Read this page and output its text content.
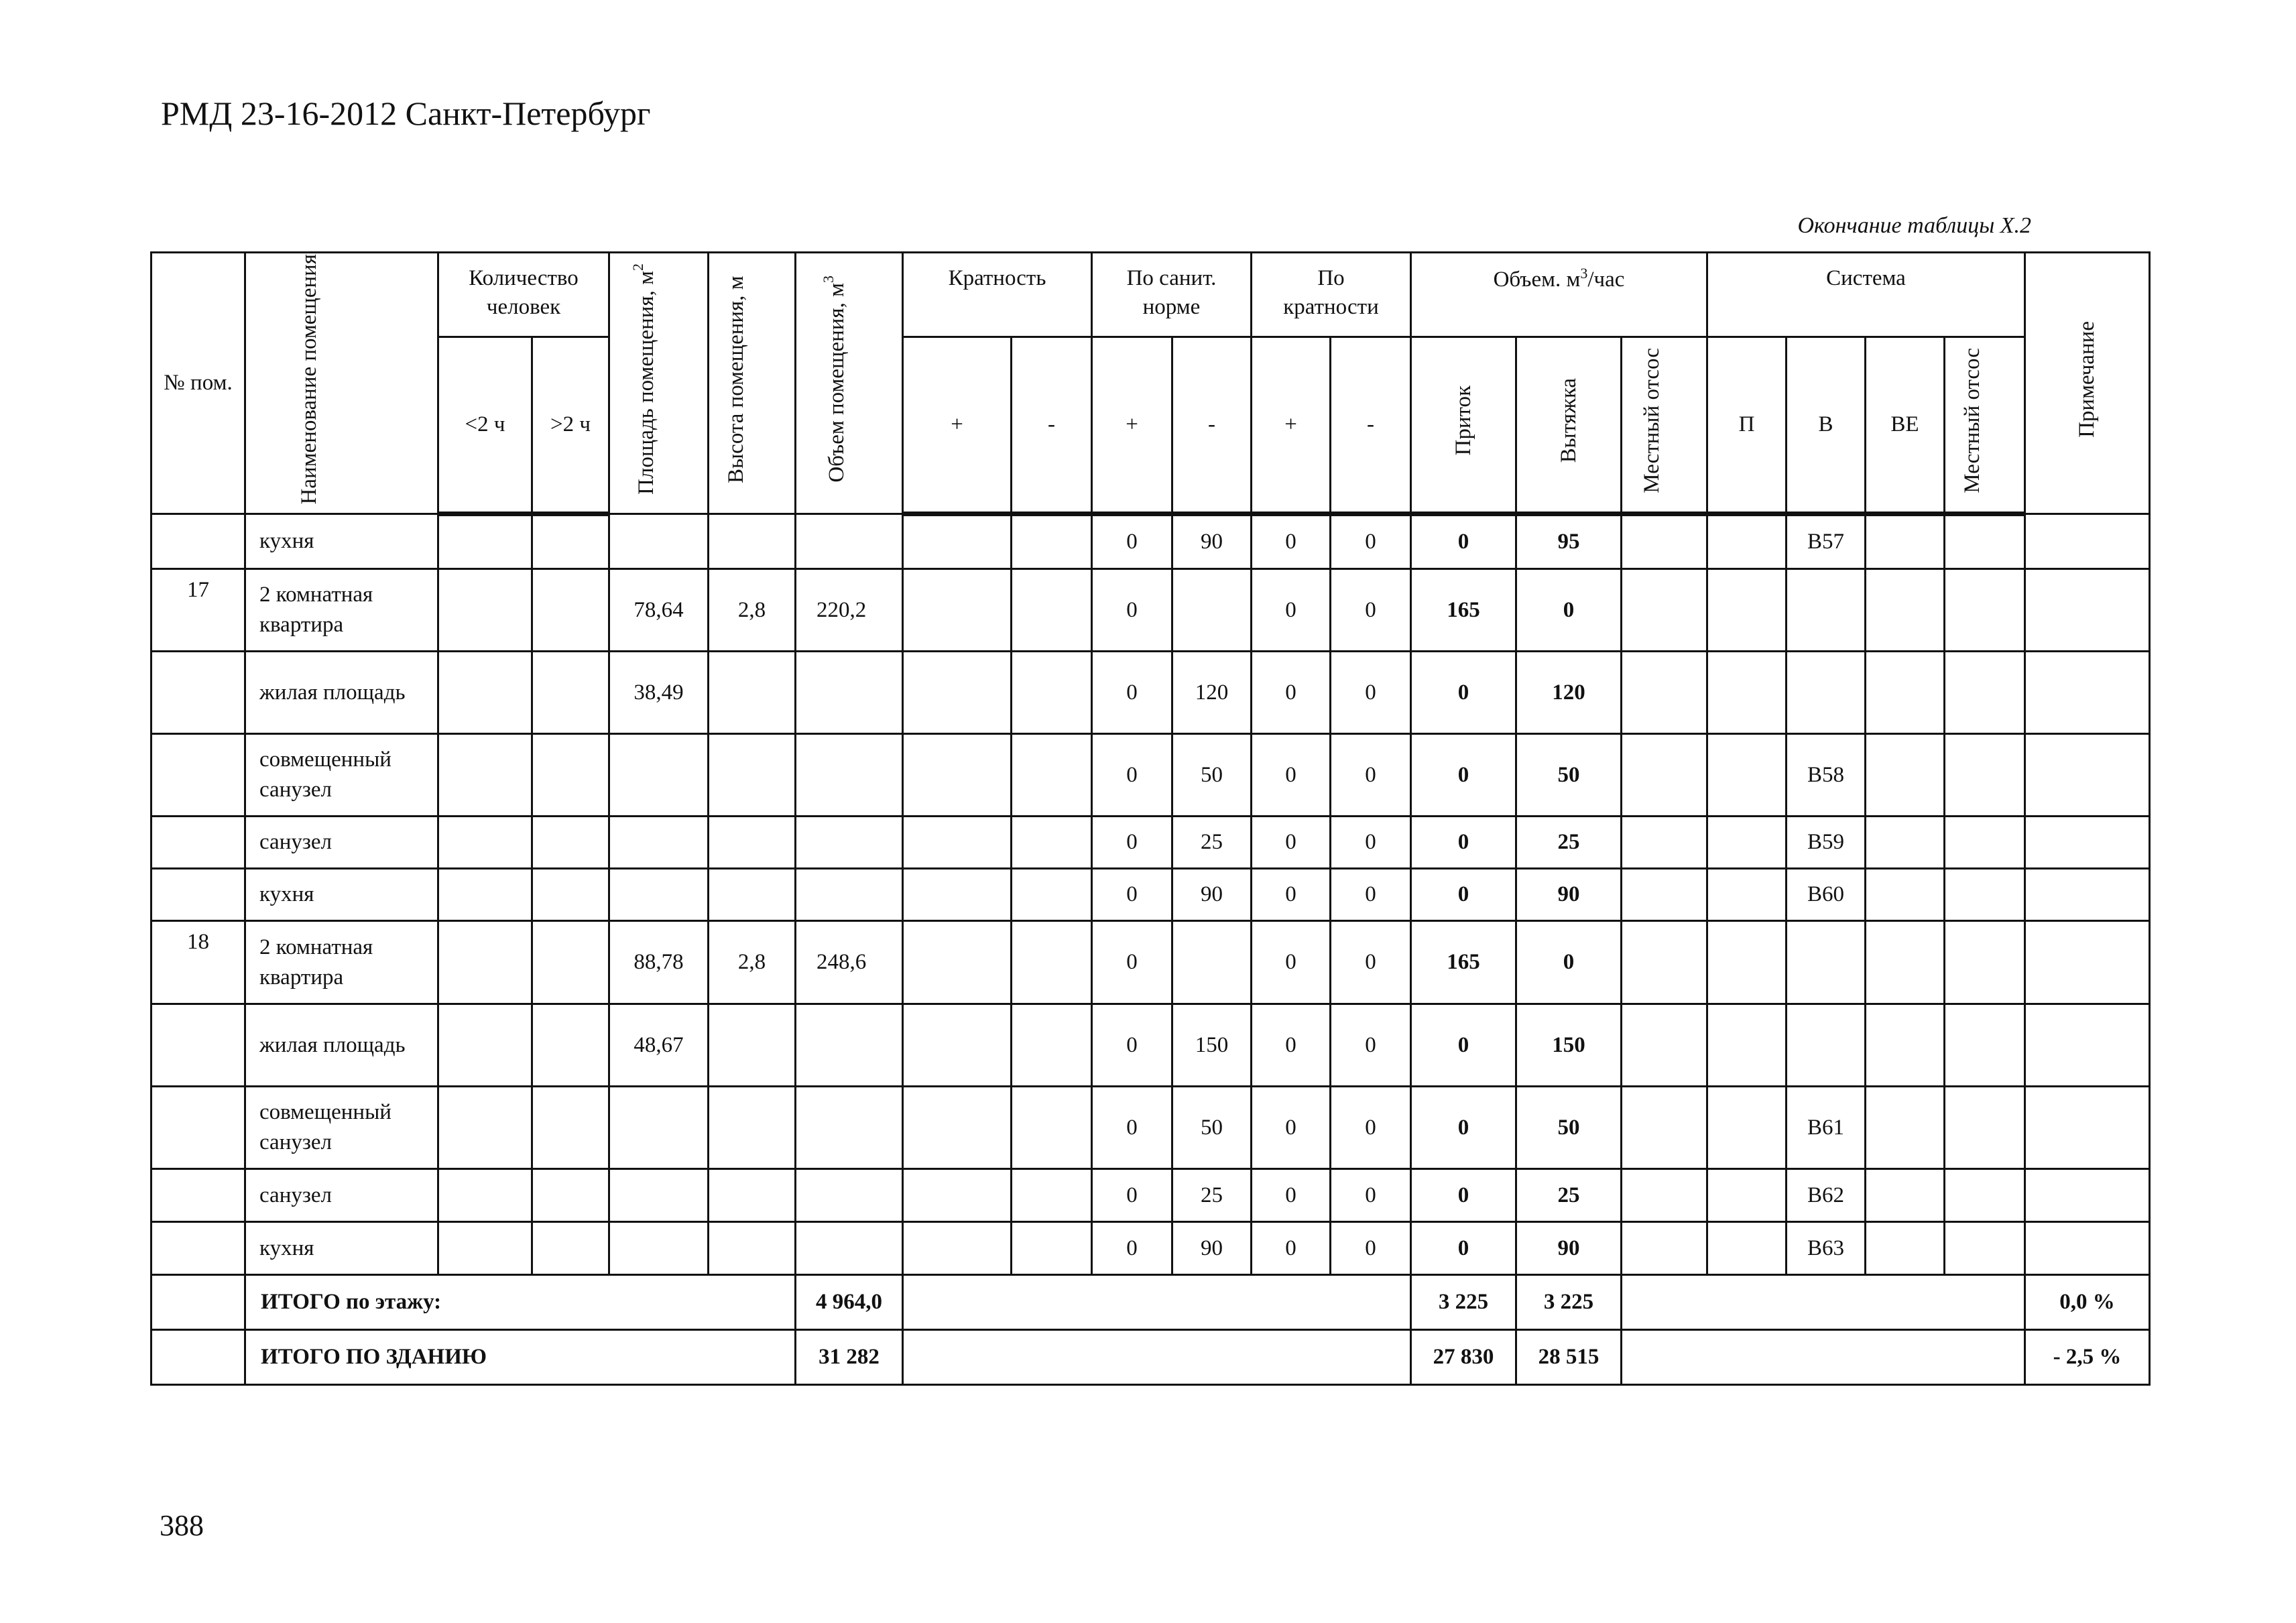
РМД 23-16-2012 Санкт-Петербург
Окончание таблицы Х.2
№ пом.	Наименование помещения	Количество человек		Площадь помещения, $м^2$	Высота помещения, м	Объем помещения, $м^3$	Кратность		По санит. норме		По кратности		Объем. $м^3$/час			Система				Примечание
		<2 ч	>2 ч				+	-	+	-	+	-	Приток	Вытяжка	Местный отсос	П	В	ВЕ	Местный отсос	
	кухня								0	90	0	0	0	95			В57			
17	2 комнатная квартира			78,64	2,8	220,2			0		0	0	165	0						
	жилая площадь			38,49					0	120	0	0	0	120						
	совмещенный санузел								0	50	0	0	0	50			В58			
	санузел								0	25	0	0	0	25			В59			
	кухня								0	90	0	0	0	90			В60			
18	2 комнатная квартира			88,78	2,8	248,6			0		0	0	165	0						
	жилая площадь			48,67					0	150	0	0	0	150						
	совмещенный санузел								0	50	0	0	0	50			В61			
	санузел								0	25	0	0	0	25			В62			
	кухня								0	90	0	0	0	90			В63			
	ИТОГО по этажу:					4 964,0							3 225	3 225						0,0 %
	ИТОГО ПО ЗДАНИЮ					31 282							27 830	28 515						- 2,5 %
388
